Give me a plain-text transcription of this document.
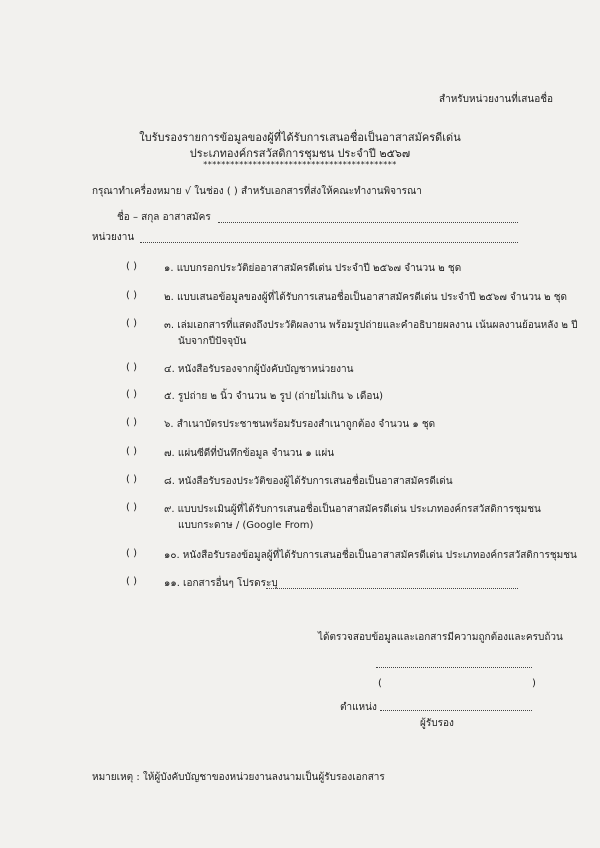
สำหรับหน่วยงานที่เสนอชื่อ
ใบรับรองรายการข้อมูลของผู้ที่ได้รับการเสนอชื่อเป็นอาสาสมัครดีเด่น
ประเภทองค์กรสวัสดิการชุมชน ประจำปี ๒๕๖๗
*******************************************
กรุณาทำเครื่องหมาย √ ในช่อง ( ) สำหรับเอกสารที่ส่งให้คณะทำงานพิจารณา
ชื่อ – สกุล อาสาสมัคร
หน่วยงาน
( )	๑. แบบกรอกประวัติย่ออาสาสมัครดีเด่น ประจำปี ๒๕๖๗ จำนวน ๒ ชุด
( )	๒. แบบเสนอข้อมูลของผู้ที่ได้รับการเสนอชื่อเป็นอาสาสมัครดีเด่น ประจำปี ๒๕๖๗ จำนวน ๒ ชุด
( )	๓. เล่มเอกสารที่แสดงถึงประวัติผลงาน พร้อมรูปถ่ายและคำอธิบายผลงาน เน้นผลงานย้อนหลัง ๒ ปี
นับจากปีปัจจุบัน
( )	๔. หนังสือรับรองจากผู้บังคับบัญชาหน่วยงาน
( )	๕. รูปถ่าย ๒ นิ้ว จำนวน ๒ รูป (ถ่ายไม่เกิน ๖ เดือน)
( )	๖. สำเนาบัตรประชาชนพร้อมรับรองสำเนาถูกต้อง จำนวน ๑ ชุด
( )	๗. แผ่นซีดีที่บันทึกข้อมูล จำนวน ๑ แผ่น
( )	๘. หนังสือรับรองประวัติของผู้ได้รับการเสนอชื่อเป็นอาสาสมัครดีเด่น
( )	๙. แบบประเมินผู้ที่ได้รับการเสนอชื่อเป็นอาสาสมัครดีเด่น ประเภทองค์กรสวัสดิการชุมชน
แบบกระดาษ / (Google From)
( )	๑๐. หนังสือรับรองข้อมูลผู้ที่ได้รับการเสนอชื่อเป็นอาสาสมัครดีเด่น ประเภทองค์กรสวัสดิการชุมชน
( )	๑๑. เอกสารอื่นๆ โปรดระบุ
ได้ตรวจสอบข้อมูลและเอกสารมีความถูกต้องและครบถ้วน
(	)
ตำแหน่ง
ผู้รับรอง
หมายเหตุ : ให้ผู้บังคับบัญชาของหน่วยงานลงนามเป็นผู้รับรองเอกสาร
